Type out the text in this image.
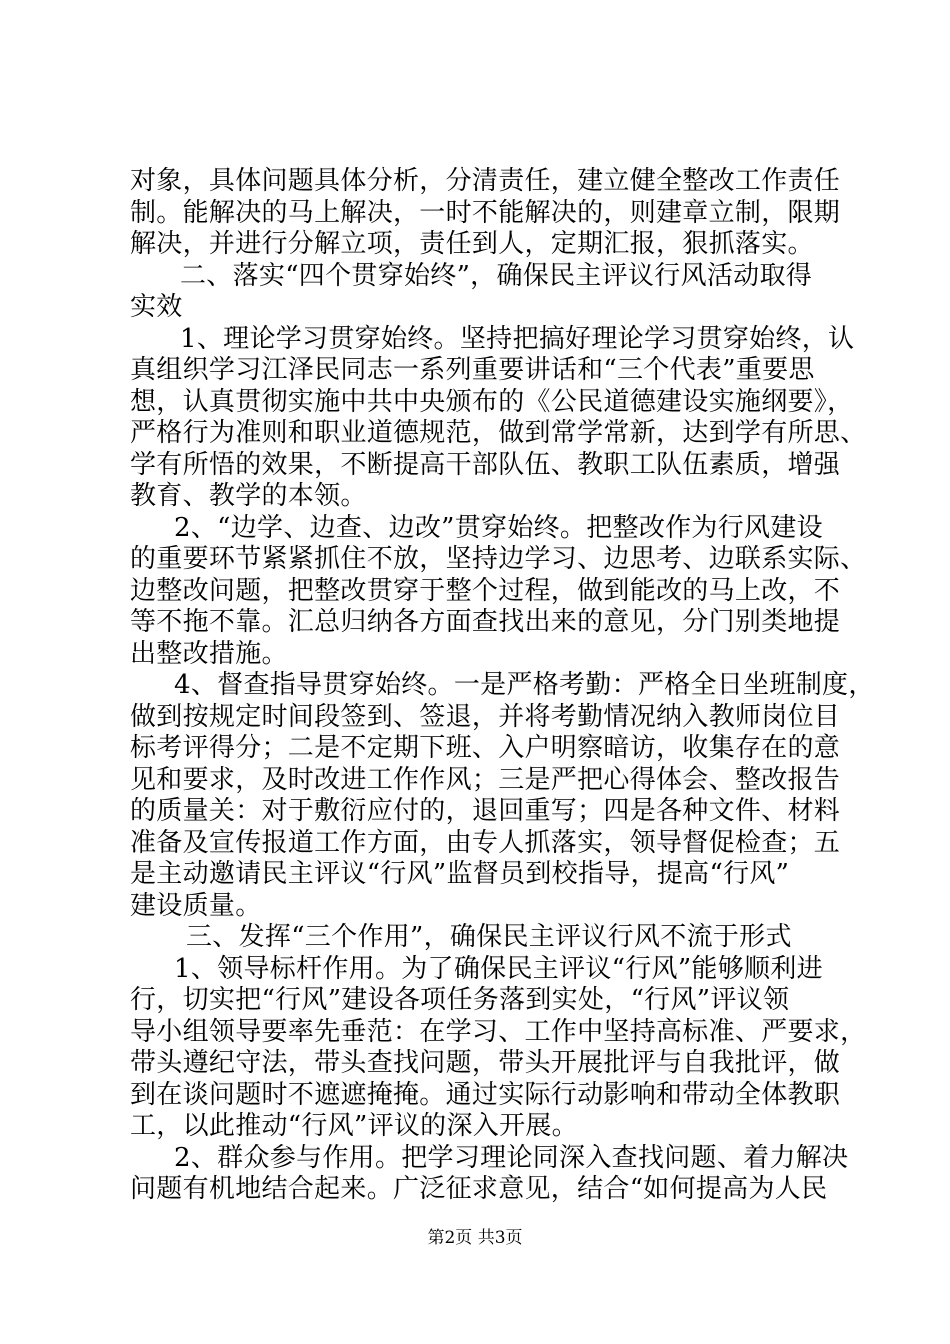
对象，具体问题具体分析，分清责任，建立健全整改工作责任
制。能解决的马上解决，一时不能解决的，则建章立制，限期
解决，并进行分解立项，责任到人，定期汇报，狠抓落实。
二、落实“四个贯穿始终”，确保民主评议行风活动取得
实效
1、理论学习贯穿始终。坚持把搞好理论学习贯穿始终，认
真组织学习江泽民同志一系列重要讲话和“三个代表”重要思
想，认真贯彻实施中共中央颁布的《公民道德建设实施纲要》，
严格行为准则和职业道德规范，做到常学常新，达到学有所思、
学有所悟的效果，不断提高干部队伍、教职工队伍素质，增强
教育、教学的本领。
2、“边学、边查、边改”贯穿始终。把整改作为行风建设
的重要环节紧紧抓住不放，坚持边学习、边思考、边联系实际、
边整改问题，把整改贯穿于整个过程，做到能改的马上改，不
等不拖不靠。汇总归纳各方面查找出来的意见，分门别类地提
出整改措施。
4、督查指导贯穿始终。一是严格考勤：严格全日坐班制度，
做到按规定时间段签到、签退，并将考勤情况纳入教师岗位目
标考评得分；二是不定期下班、入户明察暗访，收集存在的意
见和要求，及时改进工作作风；三是严把心得体会、整改报告
的质量关：对于敷衍应付的，退回重写；四是各种文件、材料
准备及宣传报道工作方面，由专人抓落实，领导督促检查；五
是主动邀请民主评议“行风”监督员到校指导，提高“行风”
建设质量。
三、发挥“三个作用”，确保民主评议行风不流于形式
1、领导标杆作用。为了确保民主评议“行风”能够顺利进
行，切实把“行风”建设各项任务落到实处，“行风”评议领
导小组领导要率先垂范：在学习、工作中坚持高标准、严要求，
带头遵纪守法，带头查找问题，带头开展批评与自我批评，做
到在谈问题时不遮遮掩掩。通过实际行动影响和带动全体教职
工，以此推动“行风”评议的深入开展。
第2页 共3页
2、群众参与作用。把学习理论同深入查找问题、着力解决
问题有机地结合起来。广泛征求意见，结合“如何提高为人民
